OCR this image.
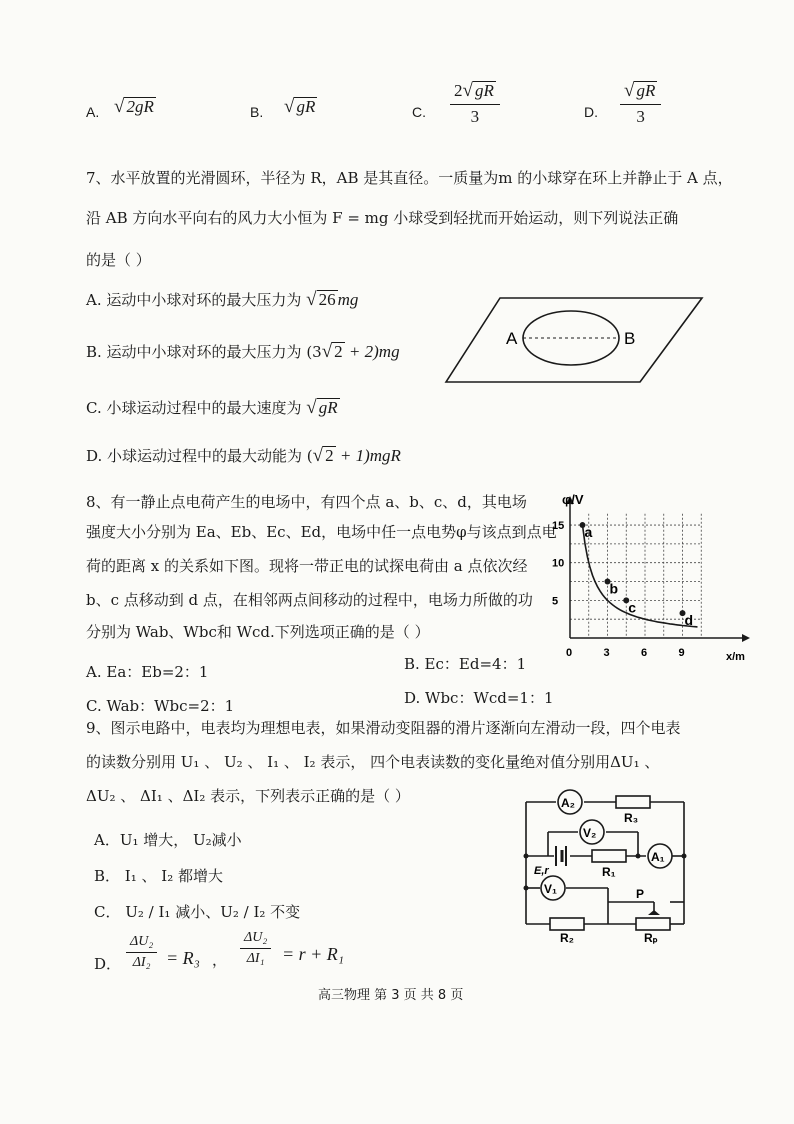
A. √ 2gR	B. √ gR	C. $\frac{2√ gR}{3}$	D. $\frac{√ gR}{3}$
7、水平放置的光滑圆环，半径为 R，AB 是其直径。一质量为m 的小球穿在环上并静止于 A 点，
沿 AB 方向水平向右的风力大小恒为 F = mg 小球受到轻扰而开始运动，则下列说法正确
的是（ ）
A. 运动中小球对环的最大压力为 √ 26 mg
B. 运动中小球对环的最大压力为 (3√ 2 + 2)mg
C. 小球运动过程中的最大速度为 √ gR
D. 小球运动过程中的最大动能为 (√ 2 + 1)mgR
A	B
8、有一静止点电荷产生的电场中，有四个点 a、b、c、d，其电场
强度大小分别为 Ea、Eb、Ec、Ed，电场中任一点电势φ与该点到点电
荷的距离 x 的关系如下图。现将一带正电的试探电荷由 a 点依次经
b、c 点移动到 d 点，在相邻两点间移动的过程中，电场力所做的功
分别为 Wab、Wbc和 Wcd.下列选项正确的是（ ）
A. Ea：Eb=2：1	B. Ec：Ed=4：1
C. Wab：Wbc=2：1	D. Wbc：Wcd=1：1
0	3	6	9
5
10
15 a
b
c
d
φ/V
x/m
9、图示电路中，电表均为理想电表，如果滑动变阻器的滑片逐渐向左滑动一段，四个电表
的读数分别用 U₁ 、 U₂ 、 I₁ 、 I₂ 表示， 四个电表读数的变化量绝对值分别用ΔU₁ 、
ΔU₂ 、 ΔI₁ 、ΔI₂ 表示，下列表示正确的是（ ）
A．U₁ 增大， U₂减小
B． I₁ 、 I₂ 都增大
C． U₂ / I₁ 减小、U₂ / I₂ 不变
D． $\frac{\text{ΔU₂}}{\text{ΔI₂}} = R_3$ ， $\frac{\text{ΔU₂}}{\text{ΔI₁}} = r + R_1$
A₂
R₃
V₂
E,r	R₁
A₁
V₁	P
R₂	Rₚ
高三物理 第 3 页 共 8 页
